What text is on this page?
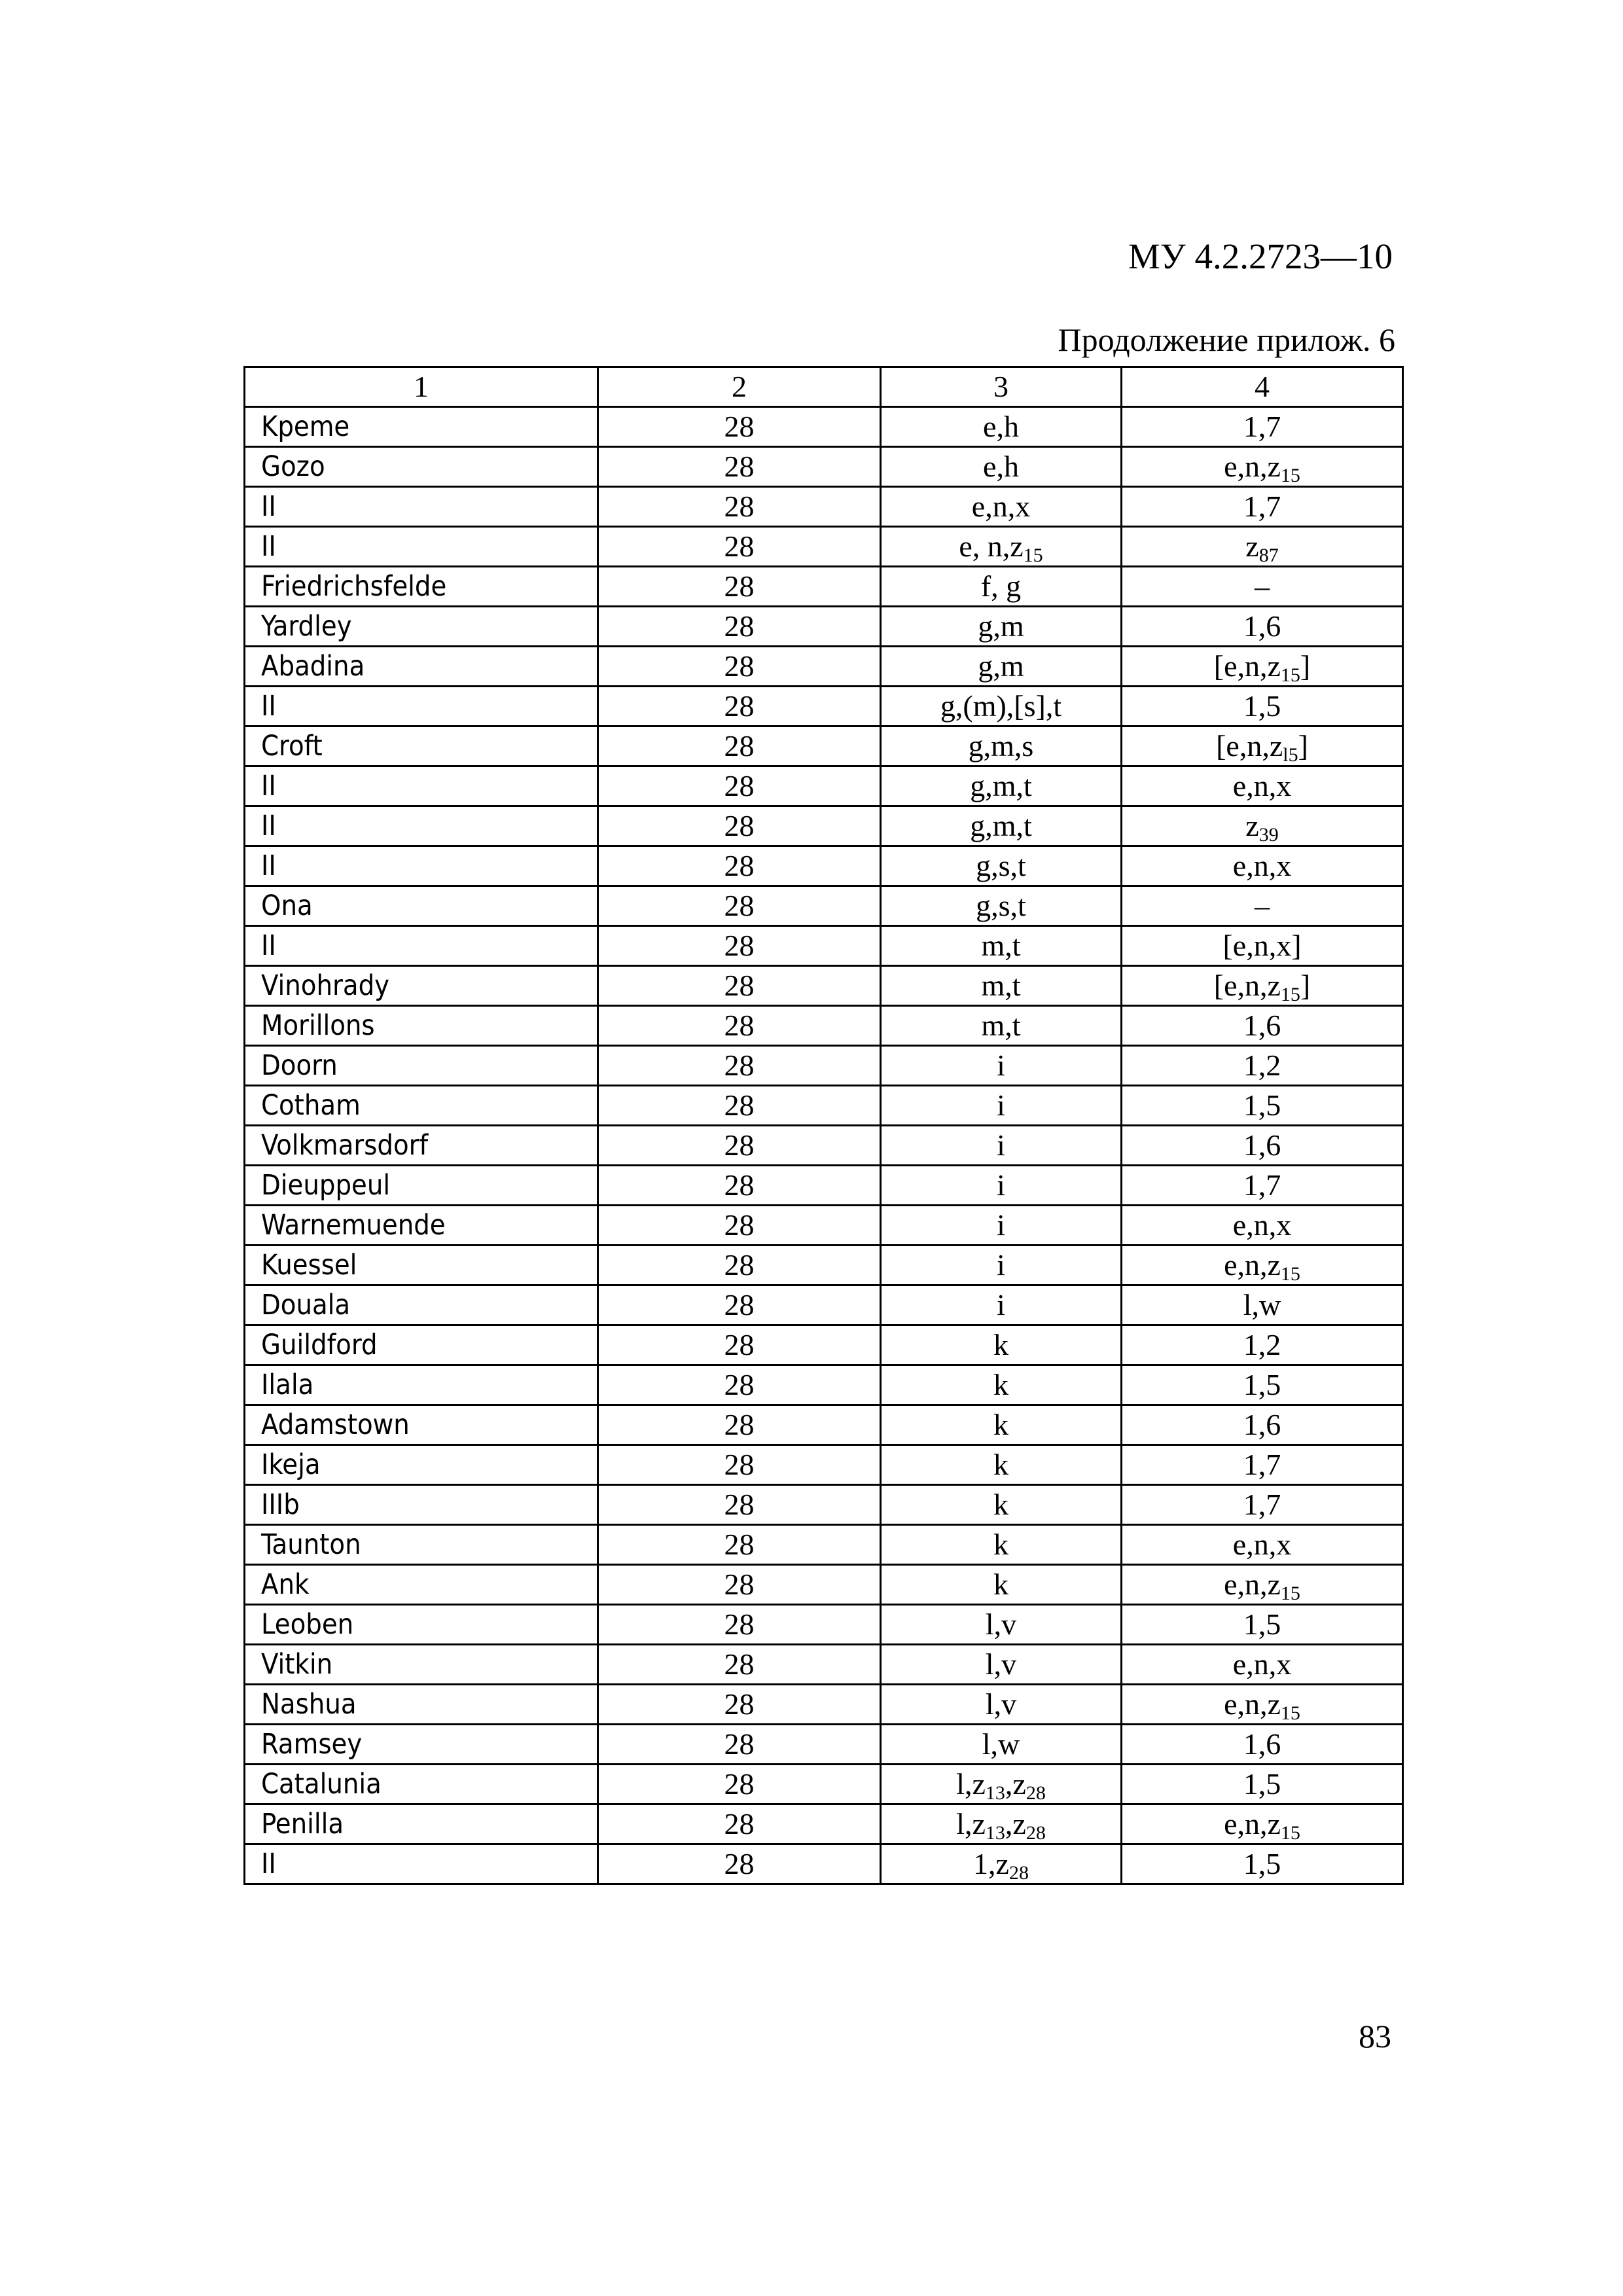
МУ 4.2.2723—10
Продолжение прилож. 6
1	2	3	4
Kpeme	28	e,h	1,7
Gozo	28	e,h	$e,n,z_{15}$
II	28	e,n,x	1,7
II	28	e, $n,z_{15}$	$z_{87}$
Friedrichsfelde	28	f, g	–
Yardley	28	g,m	1,6
Abadina	28	g,m	$[e,n,z_{15}]$
II	28	g,(m),[s],t	1,5
Croft	28	g,m,s	$[e,n,z_{l5}]$
II	28	g,m,t	e,n,x
II	28	g,m,t	$z_{39}$
II	28	g,s,t	e,n,x
Ona	28	g,s,t	–
II	28	m,t	[e,n,x]
Vinohrady	28	m,t	$[e,n,z_{15}]$
Morillons	28	m,t	1,6
Doorn	28	i	1,2
Cotham	28	i	1,5
Volkmarsdorf	28	i	1,6
Dieuppeul	28	i	1,7
Warnemuende	28	i	e,n,x
Kuessel	28	i	$e,n,z_{15}$
Douala	28	i	l,w
Guildford	28	k	1,2
Ilala	28	k	1,5
Adamstown	28	k	1,6
Ikeja	28	k	1,7
IIIb	28	k	1,7
Taunton	28	k	e,n,x
Ank	28	k	$e,n,z_{15}$
Leoben	28	l,v	1,5
Vitkin	28	l,v	e,n,x
Nashua	28	l,v	$e,n,z_{15}$
Ramsey	28	l,w	1,6
Catalunia	28	$l,z_{13},z_{28}$	1,5
Penilla	28	$l,z_{13},z_{28}$	$e,n,z_{15}$
II	28	$1,z_{28}$	1,5
83
